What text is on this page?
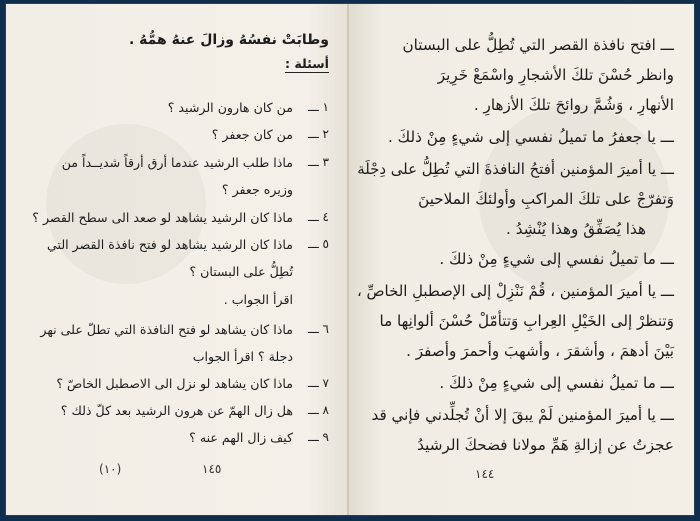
وطابَتْ نفسُهُ وزالَ عنهُ همُّهُ .
أسئلة :
١ ـــ
من كان هارون الرشيد ؟
٢ ـــ
من كان جعفر ؟
٣ ـــ
ماذا طلب الرشيد عندما أرق أرقاً شديــداً من
وزيره جعفر ؟
٤ ـــ
ماذا كان الرشيد يشاهد لو صعد الى سطح القصر ؟
٥ ـــ
ماذا كان الرشيد يشاهد لو فتح نافذة القصر التي
تُطِلُّ على البستان ؟
اقرأ الجواب .
٦ ـــ
ماذا كان يشاهد لو فتح النافذة التي تطلّ على نهر
دجلة ؟ اقرأ الجواب
٧ ـــ
ماذا كان يشاهد لو نزل الى الاصطبل الخاصّ ؟
٨ ـــ
هل زال الهمّ عن هرون الرشيد بعد كلّ ذلك ؟
٩ ـــ
كيف زال الهم عنه ؟
(١٠)	١٤٥
ـــ افتح نافذة القصر التي تُطِلُّ على البستان
وانظر حُسْنَ تلكَ الأشجارِ واسْمَعْ خَرِيرَ
الأنهارِ ، وَشُمَّ روائحَ تلكَ الأزهارِ .
ـــ يا جعفرُ ما تميلُ نفسي إلى شيءٍ مِنْ ذلكَ .
ـــ يا أميرَ المؤمنين أفتحُ النافذةَ التي تُطِلُّ على دِجْلَة
وَتفرّجْ على تلكَ المراكبِ وأولئكَ الملاحينَ
هذا يُصَفِّقُ وهذا يُنْشِدُ .
ـــ ما تميلُ نفسي إلى شيءٍ مِنْ ذلكَ .
ـــ يا أميرَ المؤمنين ، قُمْ نَنْزِلْ إلى الإصطبلِ الخاصِّ ،
وَتنظرْ إلى الخَيْلِ العِرابِ وَتتأمّلْ حُسْنَ ألوانِها ما
بَيْنَ أدهمَ ، وأشقرَ ، وأشهبَ وأحمرَ وأصفرَ .
ـــ ما تميلُ نفسي إلى شيءٍ مِنْ ذلكَ .
ـــ يا أميرَ المؤمنين لَمْ يبقَ إلا أنْ تُجلِّدني فإني قد
عجزتُ عن إزالةِ هَمِّ مولانا فضحكَ الرشيدُ
١٤٤
